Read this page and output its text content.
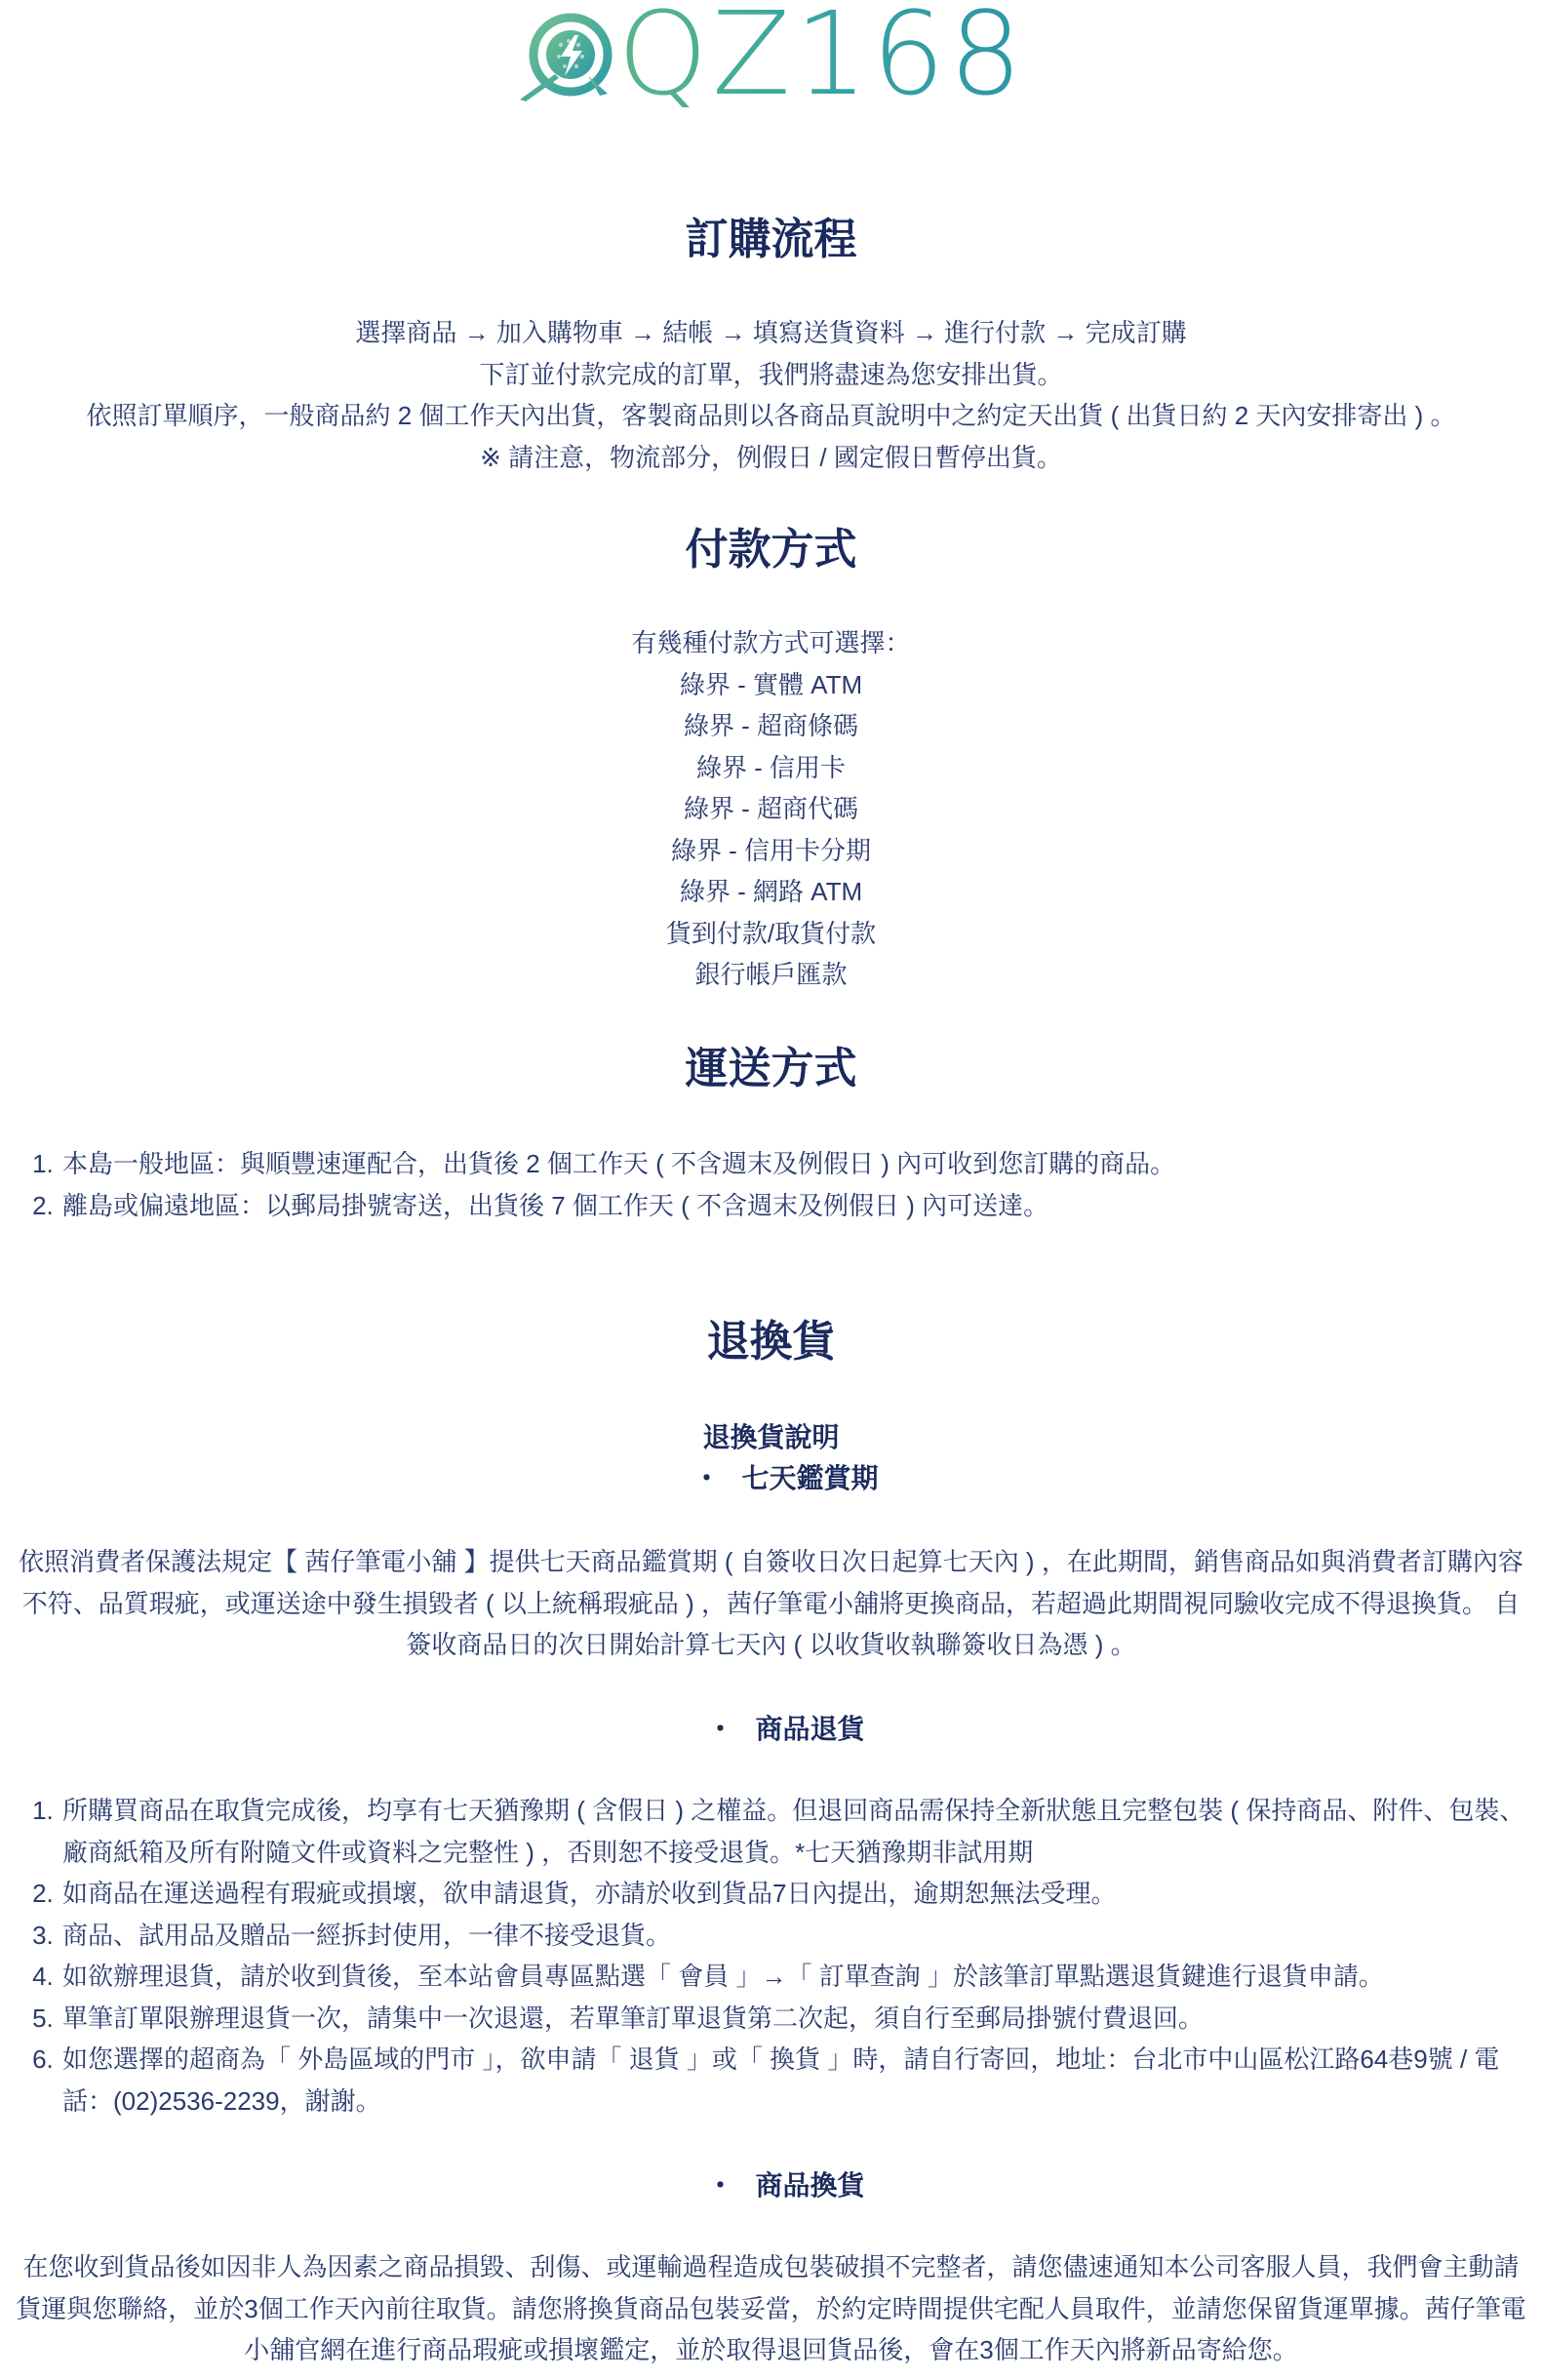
QZ168
訂購流程
選擇商品 → 加入購物車 → 結帳 → 填寫送貨資料 → 進行付款 → 完成訂購
下訂並付款完成的訂單，我們將盡速為您安排出貨。
依照訂單順序，一般商品約 2 個工作天內出貨，客製商品則以各商品頁說明中之約定天出貨 ( 出貨日約 2 天內安排寄出 ) 。
※ 請注意，物流部分，例假日 / 國定假日暫停出貨。
付款方式
有幾種付款方式可選擇：
綠界 - 實體 ATM
綠界 - 超商條碼
綠界 - 信用卡
綠界 - 超商代碼
綠界 - 信用卡分期
綠界 - 網路 ATM
貨到付款/取貨付款
銀行帳戶匯款
運送方式
1. 本島一般地區：與順豐速運配合，出貨後 2 個工作天 ( 不含週末及例假日 ) 內可收到您訂購的商品。
2. 離島或偏遠地區：以郵局掛號寄送，出貨後 7 個工作天 ( 不含週末及例假日 ) 內可送達。
退換貨
退換貨說明
・ 七天鑑賞期
依照消費者保護法規定【 茜仔筆電小舖 】提供七天商品鑑賞期 ( 自簽收日次日起算七天內 ) ，在此期間，銷售商品如與消費者訂購內容不符、品質瑕疵，或運送途中發生損毀者 ( 以上統稱瑕疵品 ) ，茜仔筆電小舖將更換商品，若超過此期間視同驗收完成不得退換貨。 自簽收商品日的次日開始計算七天內 ( 以收貨收執聯簽收日為憑 ) 。
・ 商品退貨
1. 所購買商品在取貨完成後，均享有七天猶豫期 ( 含假日 ) 之權益。但退回商品需保持全新狀態且完整包裝 ( 保持商品、附件、包裝、廠商紙箱及所有附隨文件或資料之完整性 ) ，否則恕不接受退貨。*七天猶豫期非試用期
2. 如商品在運送過程有瑕疵或損壞，欲申請退貨，亦請於收到貨品7日內提出，逾期恕無法受理。
3. 商品、試用品及贈品一經拆封使用，一律不接受退貨。
4. 如欲辦理退貨，請於收到貨後，至本站會員專區點選「 會員 」→「 訂單查詢 」於該筆訂單點選退貨鍵進行退貨申請。
5. 單筆訂單限辦理退貨一次，請集中一次退還，若單筆訂單退貨第二次起，須自行至郵局掛號付費退回。
6. 如您選擇的超商為「 外島區域的門市 」，欲申請「 退貨 」或「 換貨 」時，請自行寄回，地址：台北市中山區松江路64巷9號 / 電話：(02)2536-2239，謝謝。
・ 商品換貨
在您收到貨品後如因非人為因素之商品損毀、刮傷、或運輸過程造成包裝破損不完整者，請您儘速通知本公司客服人員，我們會主動請貨運與您聯絡，並於3個工作天內前往取貨。請您將換貨商品包裝妥當，於約定時間提供宅配人員取件，並請您保留貨運單據。茜仔筆電小舖官網在進行商品瑕疵或損壞鑑定，並於取得退回貨品後，會在3個工作天內將新品寄給您。
